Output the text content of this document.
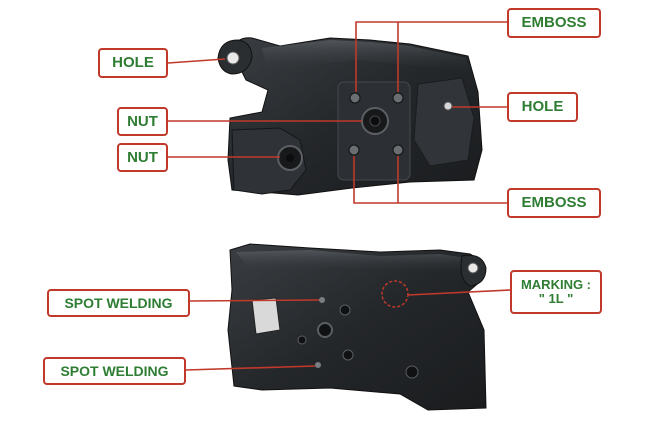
HOLE
NUT
NUT
EMBOSS
HOLE
EMBOSS
SPOT WELDING
SPOT WELDING
MARKING :
" 1L "
